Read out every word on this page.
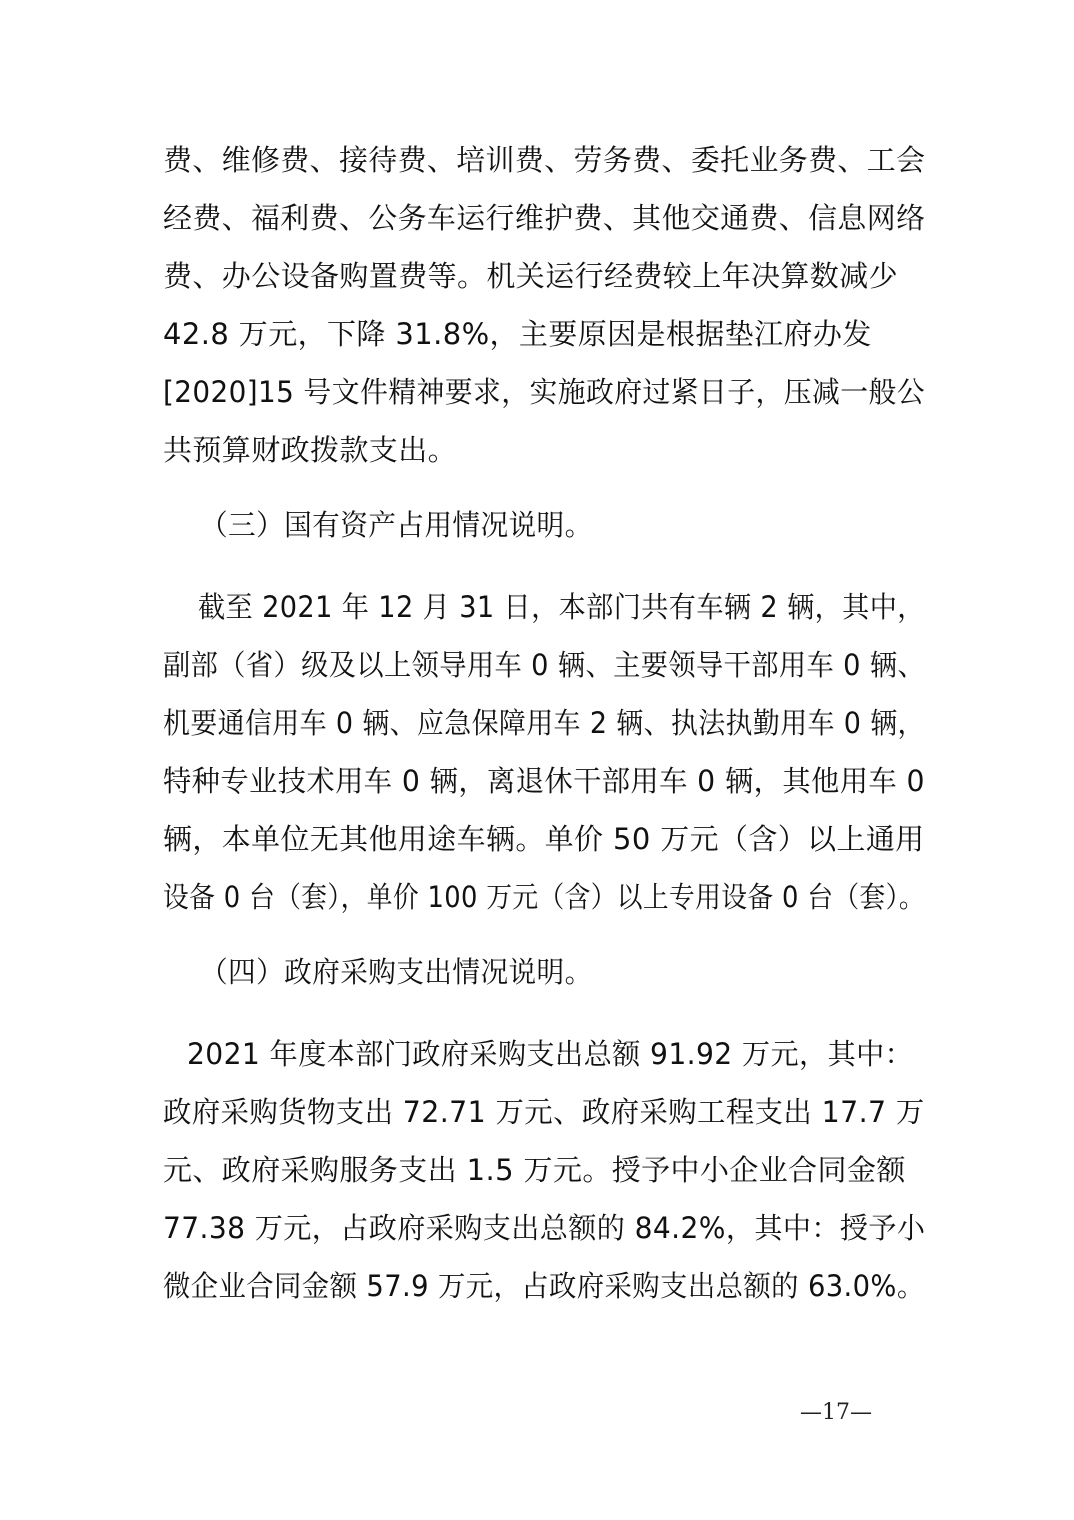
费、维修费、接待费、培训费、劳务费、委托业务费、工会
经费、福利费、公务车运行维护费、其他交通费、信息网络
费、办公设备购置费等。机关运行经费较上年决算数减少
42.8 万元，下降 31.8%，主要原因是根据垫江府办发
[2020]15 号文件精神要求，实施政府过紧日子，压减一般公
共预算财政拨款支出。
（三）国有资产占用情况说明。
截至 2021 年 12 月 31 日，本部门共有车辆 2 辆，其中，
副部（省）级及以上领导用车 0 辆、主要领导干部用车 0 辆、
机要通信用车 0 辆、应急保障用车 2 辆、执法执勤用车 0 辆，
特种专业技术用车 0 辆，离退休干部用车 0 辆，其他用车 0
辆，本单位无其他用途车辆。单价 50 万元（含）以上通用
设备 0 台（套），单价 100 万元（含）以上专用设备 0 台（套）。
（四）政府采购支出情况说明。
2021 年度本部门政府采购支出总额 91.92 万元，其中：
政府采购货物支出 72.71 万元、政府采购工程支出 17.7 万
元、政府采购服务支出 1.5 万元。授予中小企业合同金额
77.38 万元，占政府采购支出总额的 84.2%，其中：授予小
微企业合同金额 57.9 万元，占政府采购支出总额的 63.0%。
—17—
